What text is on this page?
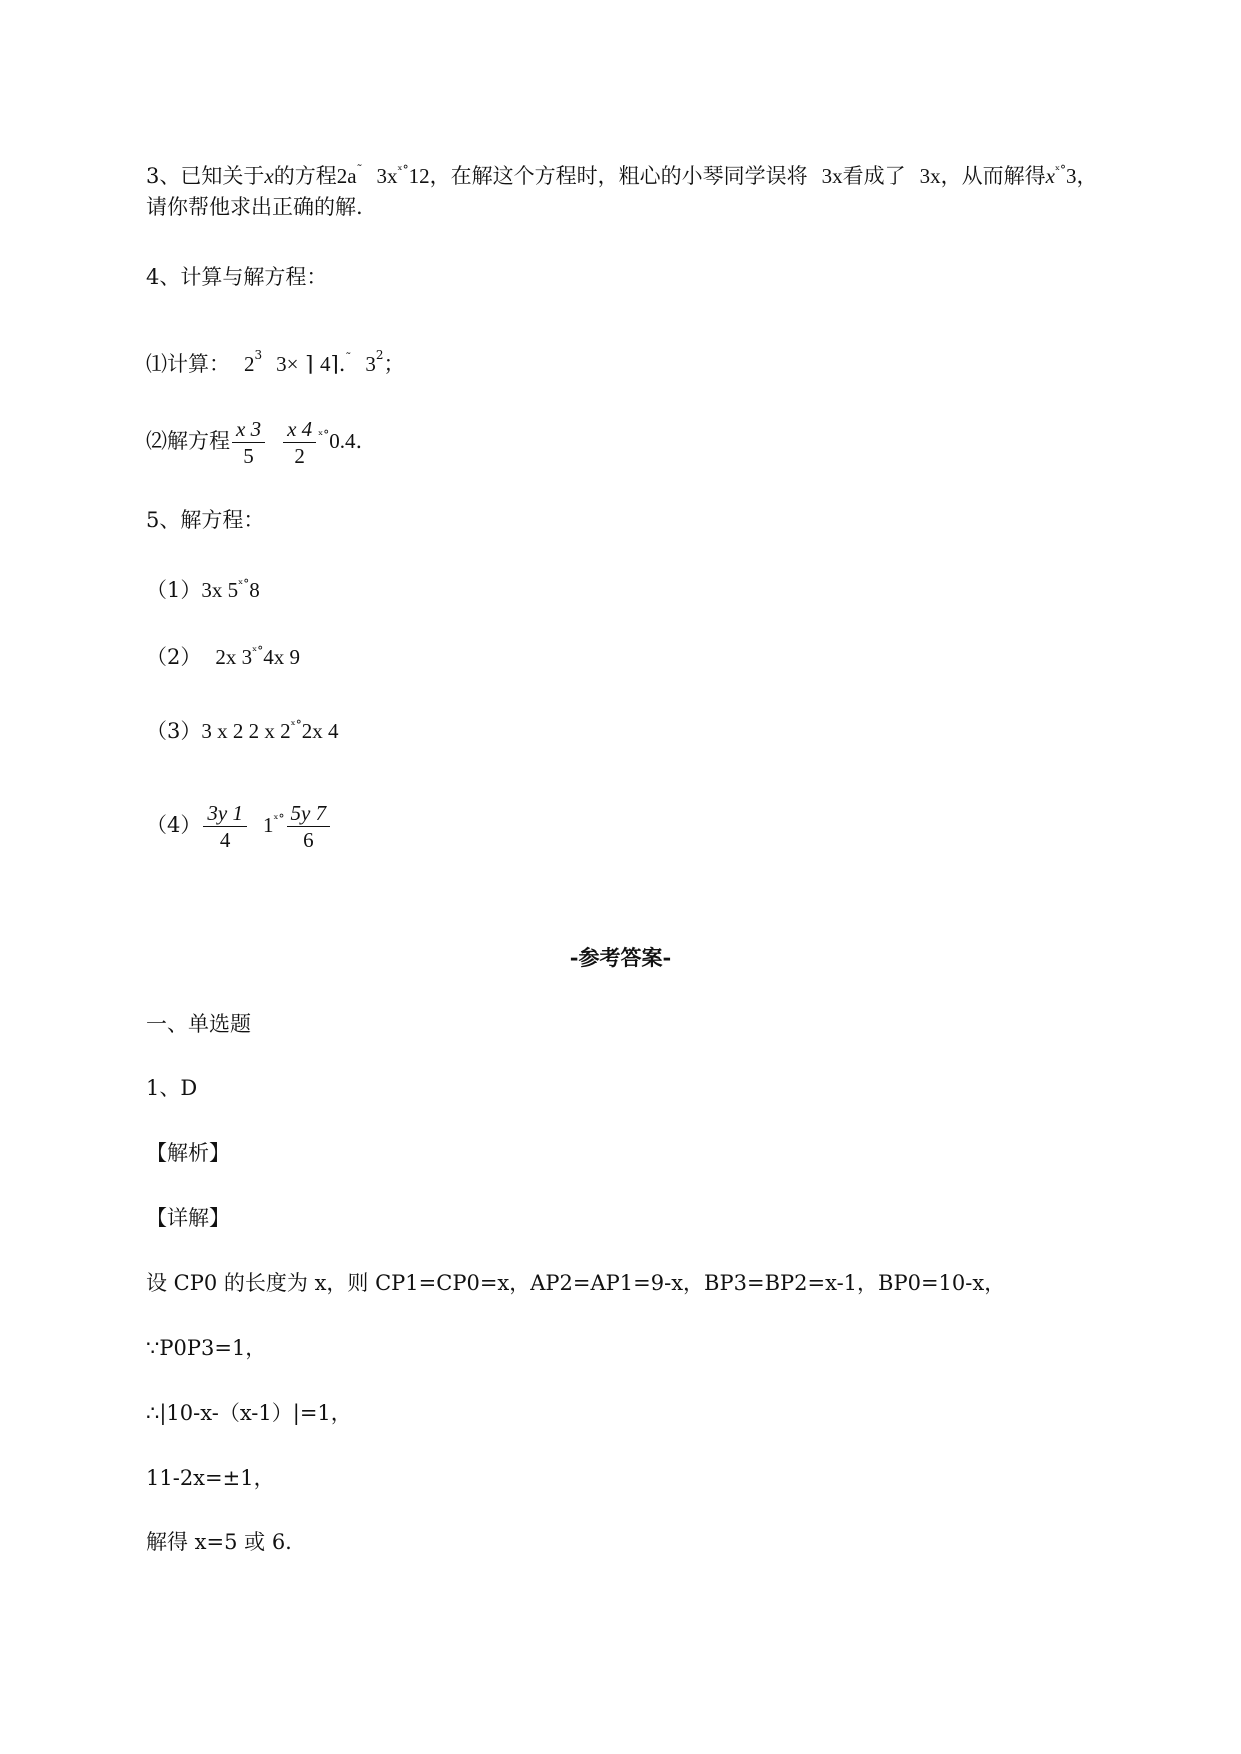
3、已知关于x的方程2a˜ $3x^{ˣ^\circ}12$，在解这个方程时，粗心的小琴同学误将 3x看成了 3x，从而解得$x^{ˣ^\circ}3$，
请你帮他求出正确的解.
4、计算与解方程：
⑴计算： $2^3$ 3× ⌉ 4⌉.˜ $3^2$；
⑵解方程 $\frac{x 3}{5} \frac{x 4}{2} ^{ˣ^\circ}0.4$.
5、解方程：
（1）3x $5^{ˣ^\circ}8$
（2） 2x $3^{ˣ^\circ}4x$ 9
（3）3 x 2 2 x $2^{ˣ^\circ}2x$ 4
$(4) \frac{3y 1}{4} 1^{ˣ^\circ} \frac{5y 7}{6}$
-参考答案-
一、单选题
1、D
【解析】
【详解】
设 CP0 的长度为 x，则 CP1=CP0=x，AP2=AP1=9-x，BP3=BP2=x-1，BP0=10-x，
∵P0P3=1，
∴|10-x-（x-1）|=1，
11-2x=±1，
解得 x=5 或 6.
